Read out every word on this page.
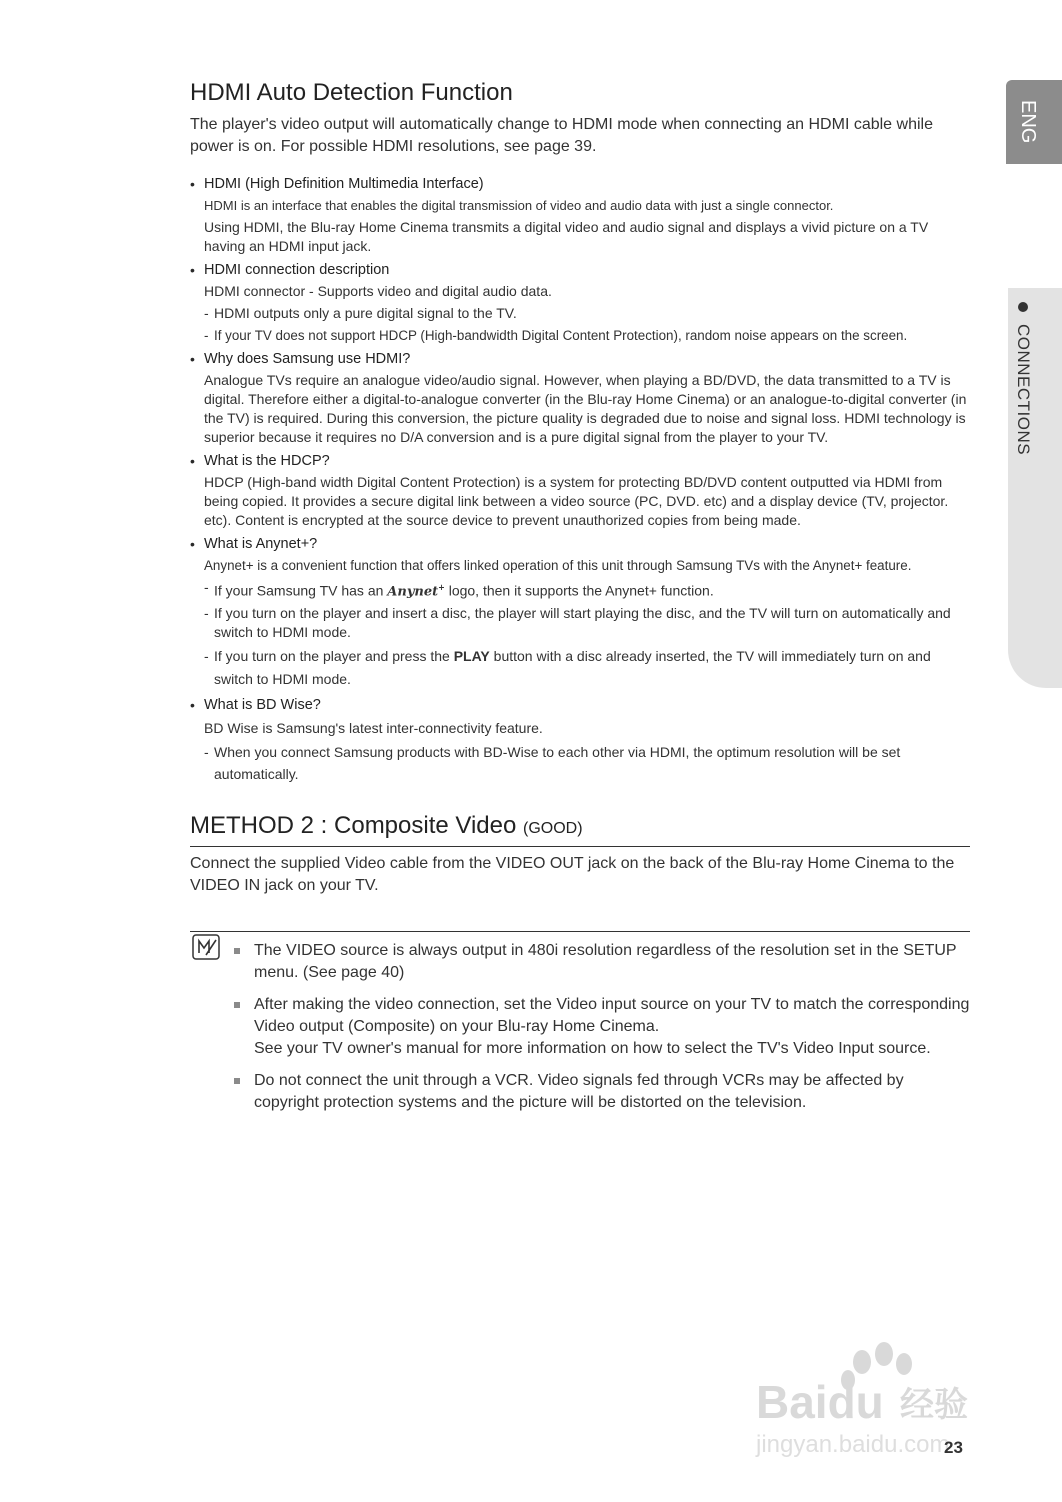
HDMI Auto Detection Function

The player's video output will automatically change to HDMI mode when connecting an HDMI cable while power is on. For possible HDMI resolutions, see page 39.

• HDMI (High Definition Multimedia Interface)

HDMI is an interface that enables the digital transmission of video and audio data with just a single connector.

Using HDMI, the Blu-ray Home Cinema transmits a digital video and audio signal and displays a vivid picture on a TV having an HDMI input jack.

• HDMI connection description

HDMI connector - Supports video and digital audio data.

- HDMI outputs only a pure digital signal to the TV.
- If your TV does not support HDCP (High-bandwidth Digital Content Protection), random noise appears on the screen.
• Why does Samsung use HDMI?

Analogue TVs require an analogue video/audio signal. However, when playing a BD/DVD, the data transmitted to a TV is digital. Therefore either a digital-to-analogue converter (in the Blu-ray Home Cinema) or an analogue-to-digital converter (in the TV) is required. During this conversion, the picture quality is degraded due to noise and signal loss. HDMI technology is superior because it requires no D/A conversion and is a pure digital signal from the player to your TV.

• What is the HDCP?

HDCP (High-band width Digital Content Protection) is a system for protecting BD/DVD content outputted via HDMI from being copied. It provides a secure digital link between a video source (PC, DVD. etc) and a display device (TV, projector. etc). Content is encrypted at the source device to prevent unauthorized copies from being made.

• What is Anynet+?

Anynet+ is a convenient function that offers linked operation of this unit through Samsung TVs with the Anynet+ feature.

- If your Samsung TV has an Anynet+ logo, then it supports the Anynet+ function.
- If you turn on the player and insert a disc, the player will start playing the disc, and the TV will turn on automatically and switch to HDMI mode.
- If you turn on the player and press the PLAY button with a disc already inserted, the TV will immediately turn on and switch to HDMI mode.
• What is BD Wise?

BD Wise is Samsung's latest inter-connectivity feature.

- When you connect Samsung products with BD-Wise to each other via HDMI, the optimum resolution will be set automatically.
METHOD 2 : Composite Video (GOOD)

Connect the supplied Video cable from the VIDEO OUT jack on the back of the Blu-ray Home Cinema to the VIDEO IN jack on your TV.

The VIDEO source is always output in 480i resolution regardless of the resolution set in the SETUP menu. (See page 40)

After making the video connection, set the Video input source on your TV to match the corresponding Video output (Composite) on your Blu-ray Home Cinema.

See your TV owner's manual for more information on how to select the TV's Video Input source.

Do not connect the unit through a VCR. Video signals fed through VCRs may be affected by copyright protection systems and the picture will be distorted on the television.

ENG
CONNECTIONS
Baidu 经验
jingyan.baidu.com
23
